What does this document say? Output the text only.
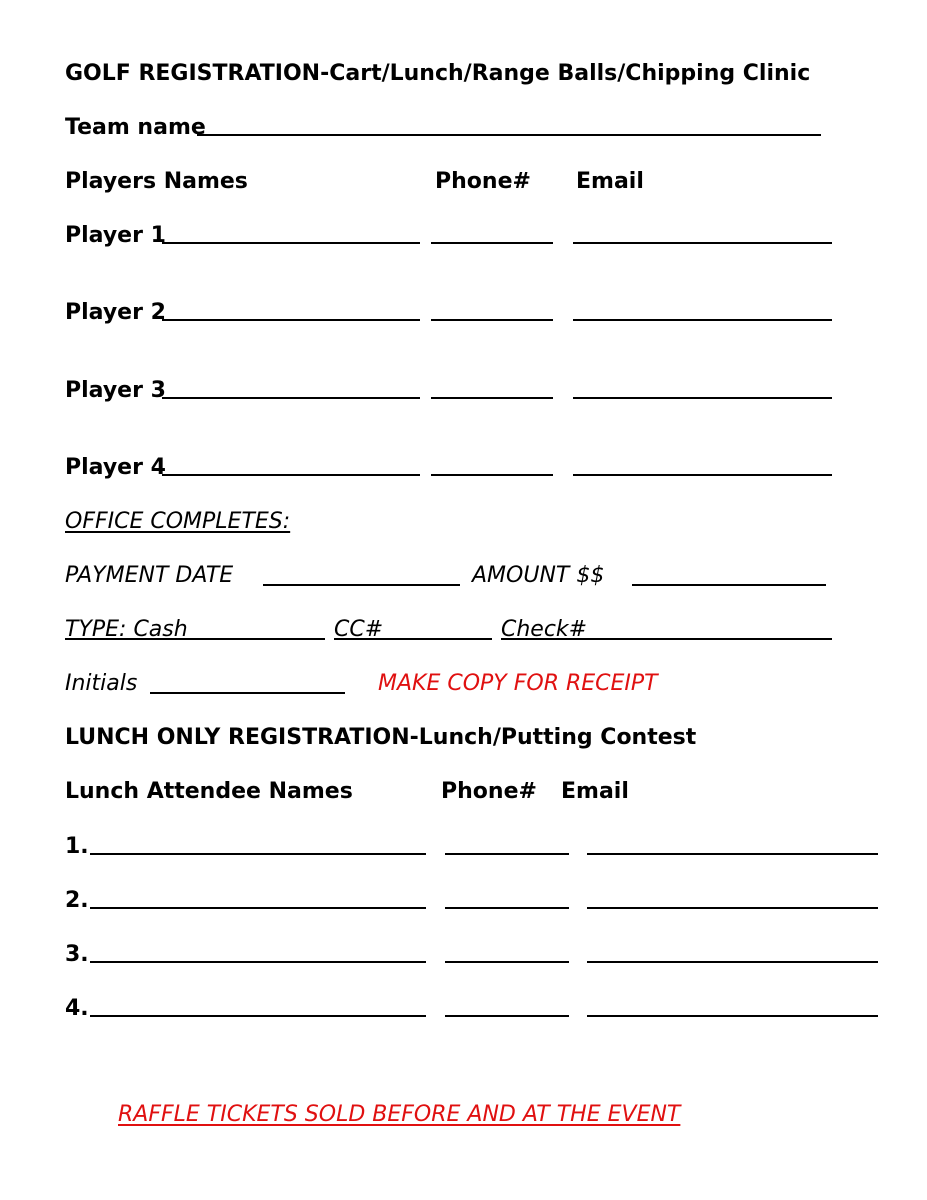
GOLF REGISTRATION-Cart/Lunch/Range Balls/Chipping Clinic
Team name
Players Names	Phone# Email
Player 1
Player 2
Player 3
Player 4
OFFICE COMPLETES:
PAYMENT DATE	AMOUNT $$
TYPE: Cash	CC#	Check#
Initials	MAKE COPY FOR RECEIPT
LUNCH ONLY REGISTRATION-Lunch/Putting Contest
Lunch Attendee Names	Phone# Email
1.
2.
3.
4.
RAFFLE TICKETS SOLD BEFORE AND AT THE EVENT
